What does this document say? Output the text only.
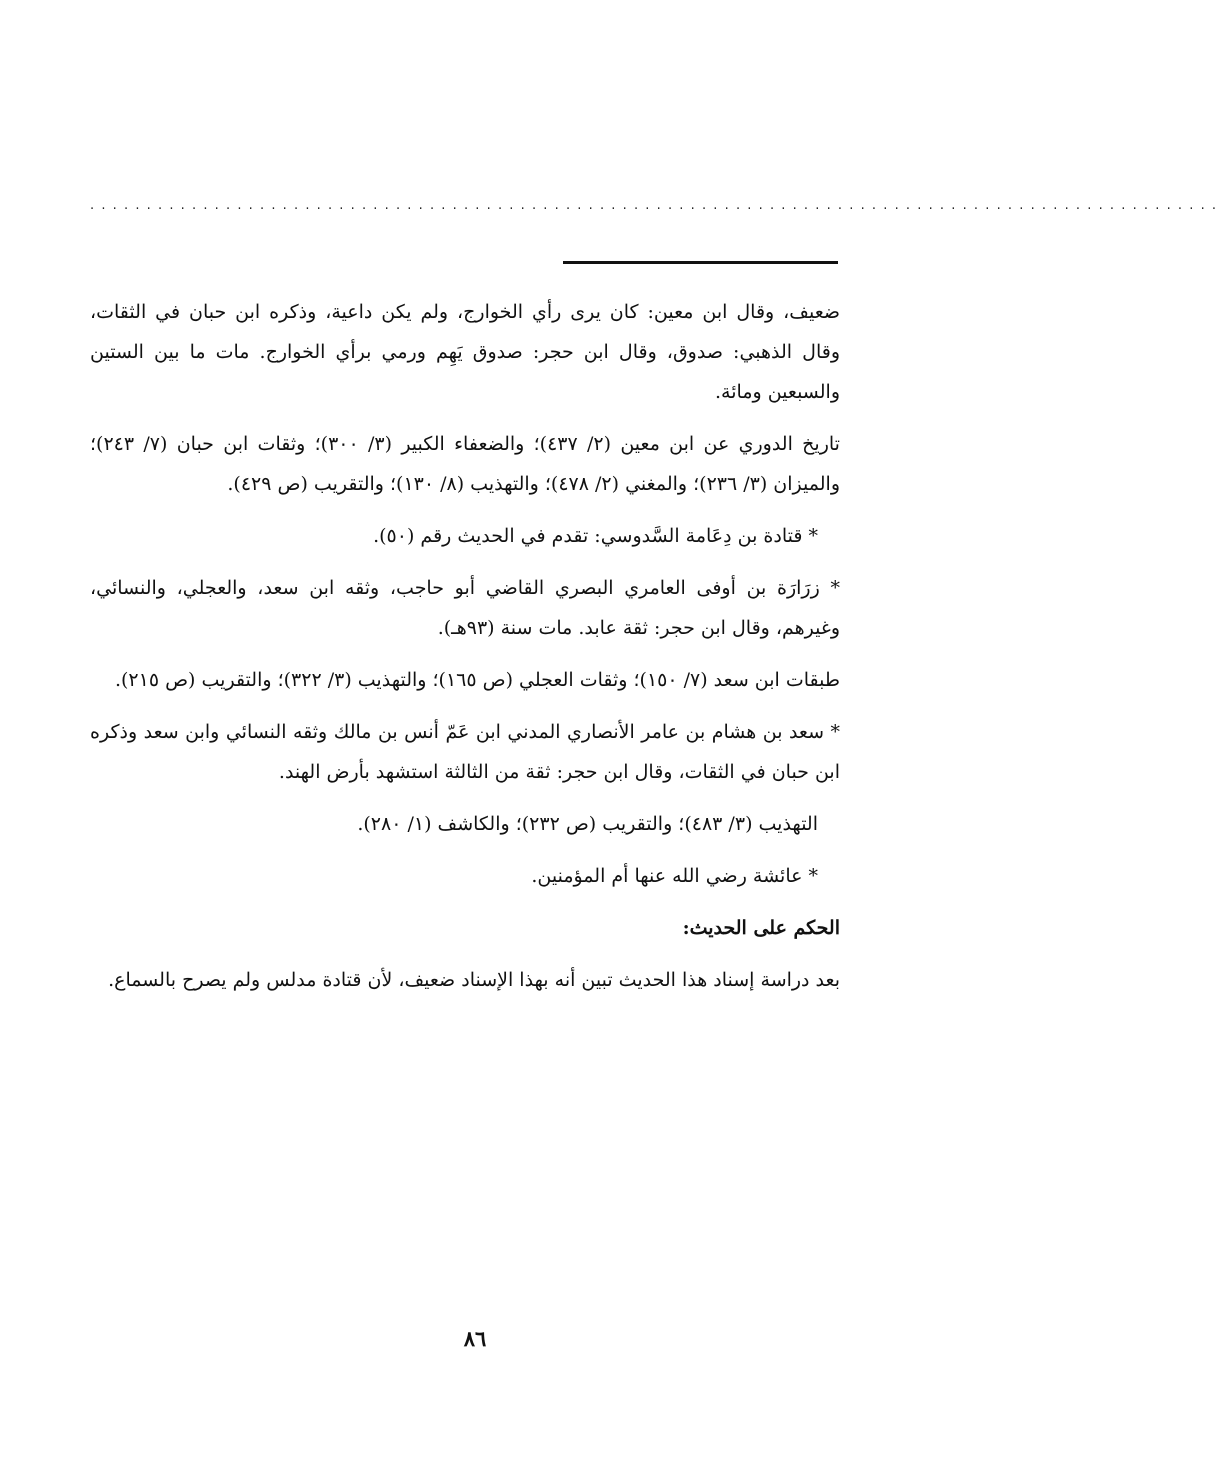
....................................................................................................

ضعيف، وقال ابن معين: كان يرى رأي الخوارج، ولم يكن داعية، وذكره ابن حبان في الثقات، وقال الذهبي: صدوق، وقال ابن حجر: صدوق يَهِم ورمي برأي الخوارج. مات ما بين الستين والسبعين ومائة.

تاريخ الدوري عن ابن معين (٢/ ٤٣٧)؛ والضعفاء الكبير (٣/ ٣٠٠)؛ وثقات ابن حبان (٧/ ٢٤٣)؛ والميزان (٣/ ٢٣٦)؛ والمغني (٢/ ٤٧٨)؛ والتهذيب (٨/ ١٣٠)؛ والتقريب (ص ٤٢٩).

* قتادة بن دِعَامة السَّدوسي: تقدم في الحديث رقم (٥٠).

* زرَارَة بن أوفى العامري البصري القاضي أبو حاجب، وثقه ابن سعد، والعجلي، والنسائي، وغيرهم، وقال ابن حجر: ثقة عابد. مات سنة (٩٣هـ).

طبقات ابن سعد (٧/ ١٥٠)؛ وثقات العجلي (ص ١٦٥)؛ والتهذيب (٣/ ٣٢٢)؛ والتقريب (ص ٢١٥).

* سعد بن هشام بن عامر الأنصاري المدني ابن عَمّ أنس بن مالك وثقه النسائي وابن سعد وذكره ابن حبان في الثقات، وقال ابن حجر: ثقة من الثالثة استشهد بأرض الهند.

التهذيب (٣/ ٤٨٣)؛ والتقريب (ص ٢٣٢)؛ والكاشف (١/ ٢٨٠).

* عائشة رضي الله عنها أم المؤمنين.

الحكم على الحديث:

بعد دراسة إسناد هذا الحديث تبين أنه بهذا الإسناد ضعيف، لأن قتادة مدلس ولم يصرح بالسماع.

٨٦
